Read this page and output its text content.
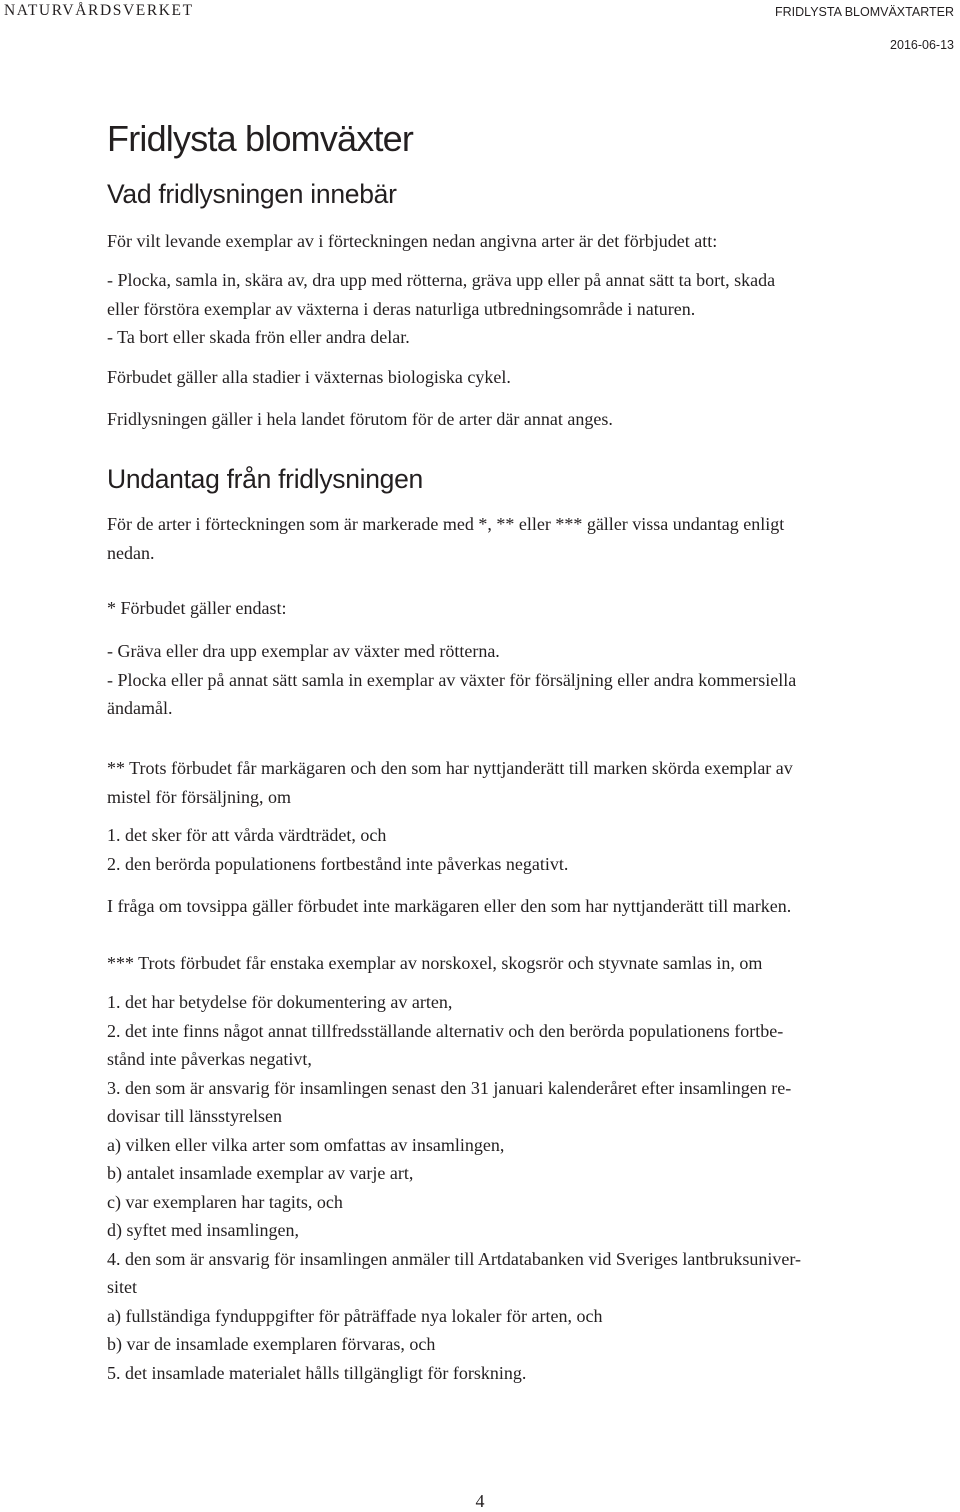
NATURVÅRDSVERKET	FRIDLYSTA BLOMVÄXTARTER
2016-06-13
Fridlysta blomväxter
Vad fridlysningen innebär

För vilt levande exemplar av i förteckningen nedan angivna arter är det förbjudet att:

- Plocka, samla in, skära av, dra upp med rötterna, gräva upp eller på annat sätt ta bort, skada
eller förstöra exemplar av växterna i deras naturliga utbredningsområde i naturen.
- Ta bort eller skada frön eller andra delar.

Förbudet gäller alla stadier i växternas biologiska cykel.

Fridlysningen gäller i hela landet förutom för de arter där annat anges.

Undantag från fridlysningen

För de arter i förteckningen som är markerade med *, ** eller *** gäller vissa undantag enligt
nedan.

* Förbudet gäller endast:

- Gräva eller dra upp exemplar av växter med rötterna.
- Plocka eller på annat sätt samla in exemplar av växter för försäljning eller andra kommersiella
ändamål.

** Trots förbudet får markägaren och den som har nyttjanderätt till marken skörda exemplar av
mistel för försäljning, om

1. det sker för att vårda värdträdet, och
2. den berörda populationens fortbestånd inte påverkas negativt.

I fråga om tovsippa gäller förbudet inte markägaren eller den som har nyttjanderätt till marken.

*** Trots förbudet får enstaka exemplar av norskoxel, skogsrör och styvnate samlas in, om

1. det har betydelse för dokumentering av arten,
2. det inte finns något annat tillfredsställande alternativ och den berörda populationens fortbe-
stånd inte påverkas negativt,
3. den som är ansvarig för insamlingen senast den 31 januari kalenderåret efter insamlingen re-
dovisar till länsstyrelsen
a) vilken eller vilka arter som omfattas av insamlingen,
b) antalet insamlade exemplar av varje art,
c) var exemplaren har tagits, och
d) syftet med insamlingen,
4. den som är ansvarig för insamlingen anmäler till Artdatabanken vid Sveriges lantbruksuniver-
sitet
a) fullständiga fynduppgifter för påträffade nya lokaler för arten, och
b) var de insamlade exemplaren förvaras, och
5. det insamlade materialet hålls tillgängligt för forskning.

4
